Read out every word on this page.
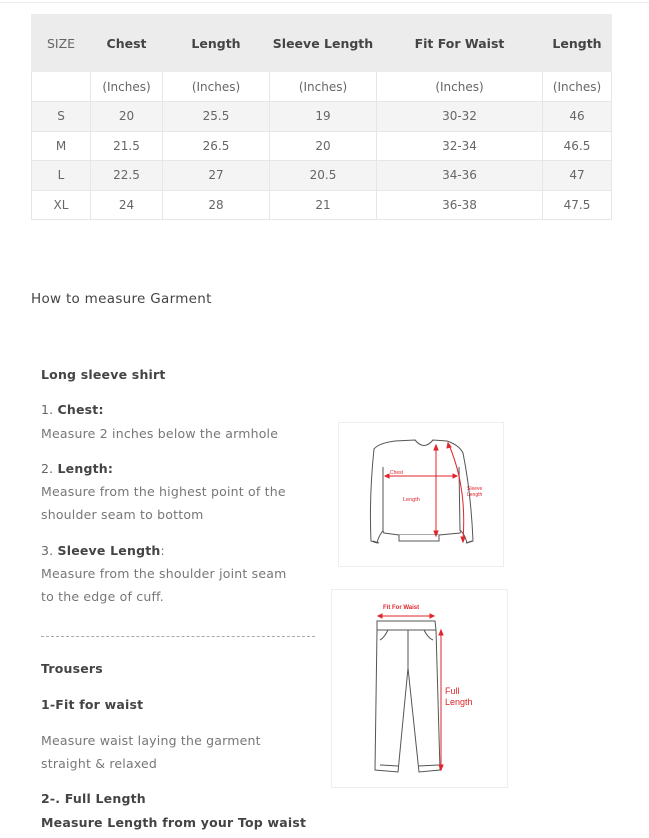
SIZE	Chest	Length	Sleeve Length	Fit For Waist	Length
	(Inches)	(Inches)	(Inches)	(Inches)	(Inches)
S	20	25.5	19	30-32	46
M	21.5	26.5	20	32-34	46.5
L	22.5	27	20.5	34-36	47
XL	24	28	21	36-38	47.5
How to measure Garment
Long sleeve shirt
1. Chest:
Measure 2 inches below the armhole
2. Length:
Measure from the highest point of the
shoulder seam to bottom
3. Sleeve Length:
Measure from the shoulder joint seam
to the edge of cuff.
Trousers
1-Fit for waist
Measure waist laying the garment
straight & relaxed
2-. Full Length
Measure Length from your Top waist
Chest
Length
Sleeve
Length
Fit For Waist
Full
Length
